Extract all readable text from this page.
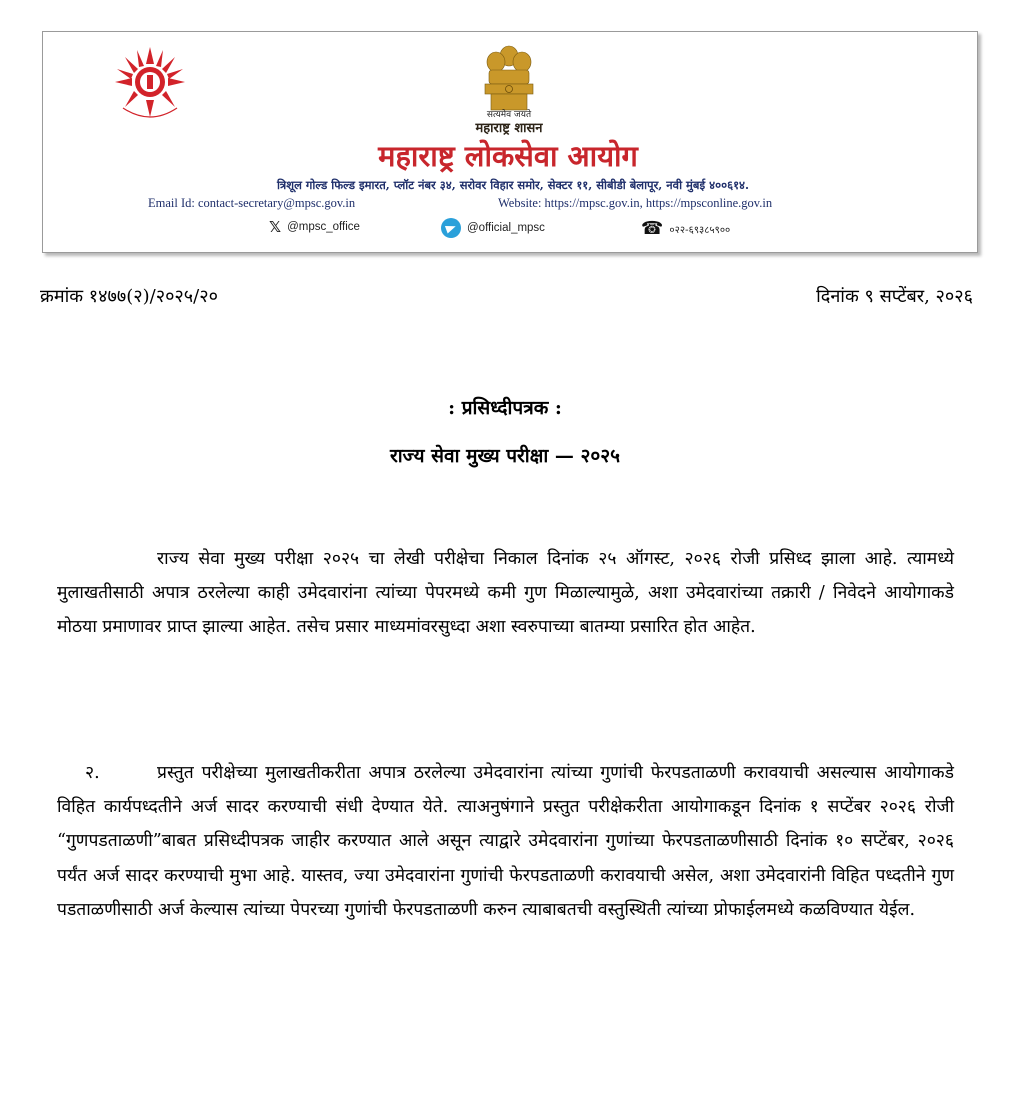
सत्यमेव जयते
महाराष्ट्र शासन
महाराष्ट्र लोकसेवा आयोग
त्रिशूल गोल्ड फिल्ड इमारत, प्लॉट नंबर ३४, सरोवर विहार समोर, सेक्टर ११, सीबीडी बेलापूर, नवी मुंबई ४००६१४.
Email Id: contact-secretary@mpsc.gov.in	Website: https://mpsc.gov.in, https://mpsconline.gov.in
𝕏 @mpsc_office	@official_mpsc	☎ ०२२-६९३८५९००
क्रमांक १४७७(२)/२०२५/२०	दिनांक ९ सप्टेंबर, २०२६
: प्रसिध्दीपत्रक :
राज्य सेवा मुख्य परीक्षा — २०२५
राज्य सेवा मुख्य परीक्षा २०२५ चा लेखी परीक्षेचा निकाल दिनांक २५ ऑगस्ट, २०२६ रोजी प्रसिध्द झाला आहे. त्यामध्ये मुलाखतीसाठी अपात्र ठरलेल्या काही उमेदवारांना त्यांच्या पेपरमध्ये कमी गुण मिळाल्यामुळे, अशा उमेदवारांच्या तक्रारी / निवेदने आयोगाकडे मोठया प्रमाणावर प्राप्त झाल्या आहेत. तसेच प्रसार माध्यमांवरसुध्दा अशा स्वरुपाच्या बातम्या प्रसारित होत आहेत.
२.	प्रस्तुत परीक्षेच्या मुलाखतीकरीता अपात्र ठरलेल्या उमेदवारांना त्यांच्या गुणांची फेरपडताळणी करावयाची असल्यास आयोगाकडे विहित कार्यपध्दतीने अर्ज सादर करण्याची संधी देण्यात येते. त्याअनुषंगाने प्रस्तुत परीक्षेकरीता आयोगाकडून दिनांक १ सप्टेंबर २०२६ रोजी “गुणपडताळणी”बाबत प्रसिध्दीपत्रक जाहीर करण्यात आले असून त्याद्वारे उमेदवारांना गुणांच्या फेरपडताळणीसाठी दिनांक १० सप्टेंबर, २०२६ पर्यंत अर्ज सादर करण्याची मुभा आहे. यास्तव, ज्या उमेदवारांना गुणांची फेरपडताळणी करावयाची असेल, अशा उमेदवारांनी विहित पध्दतीने गुण पडताळणीसाठी अर्ज केल्यास त्यांच्या पेपरच्या गुणांची फेरपडताळणी करुन त्याबाबतची वस्तुस्थिती त्यांच्या प्रोफाईलमध्ये कळविण्यात येईल.
